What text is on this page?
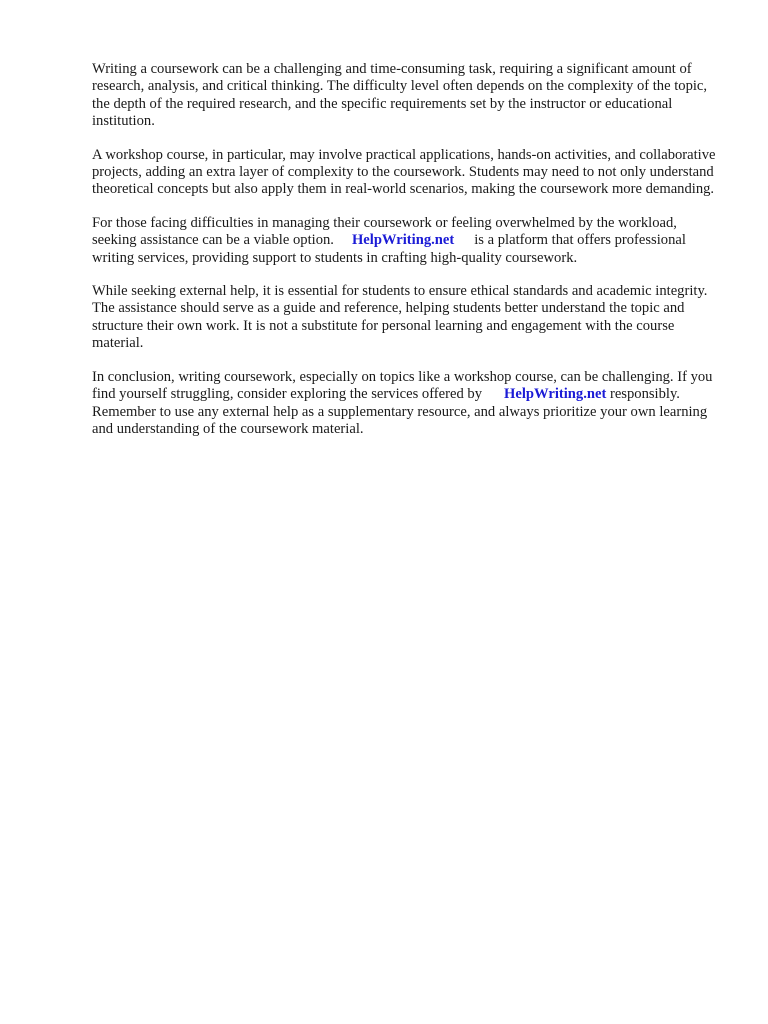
Writing a coursework can be a challenging and time-consuming task, requiring a significant amount of research, analysis, and critical thinking. The difficulty level often depends on the complexity of the topic, the depth of the required research, and the specific requirements set by the instructor or educational institution.

A workshop course, in particular, may involve practical applications, hands-on activities, and collaborative projects, adding an extra layer of complexity to the coursework. Students may need to not only understand theoretical concepts but also apply them in real-world scenarios, making the coursework more demanding.

For those facing difficulties in managing their coursework or feeling overwhelmed by the workload, seeking assistance can be a viable option. HelpWriting.net is a platform that offers professional writing services, providing support to students in crafting high-quality coursework.

While seeking external help, it is essential for students to ensure ethical standards and academic integrity. The assistance should serve as a guide and reference, helping students better understand the topic and structure their own work. It is not a substitute for personal learning and engagement with the course material.

In conclusion, writing coursework, especially on topics like a workshop course, can be challenging. If you find yourself struggling, consider exploring the services offered by HelpWriting.net responsibly. Remember to use any external help as a supplementary resource, and always prioritize your own learning and understanding of the coursework material.
